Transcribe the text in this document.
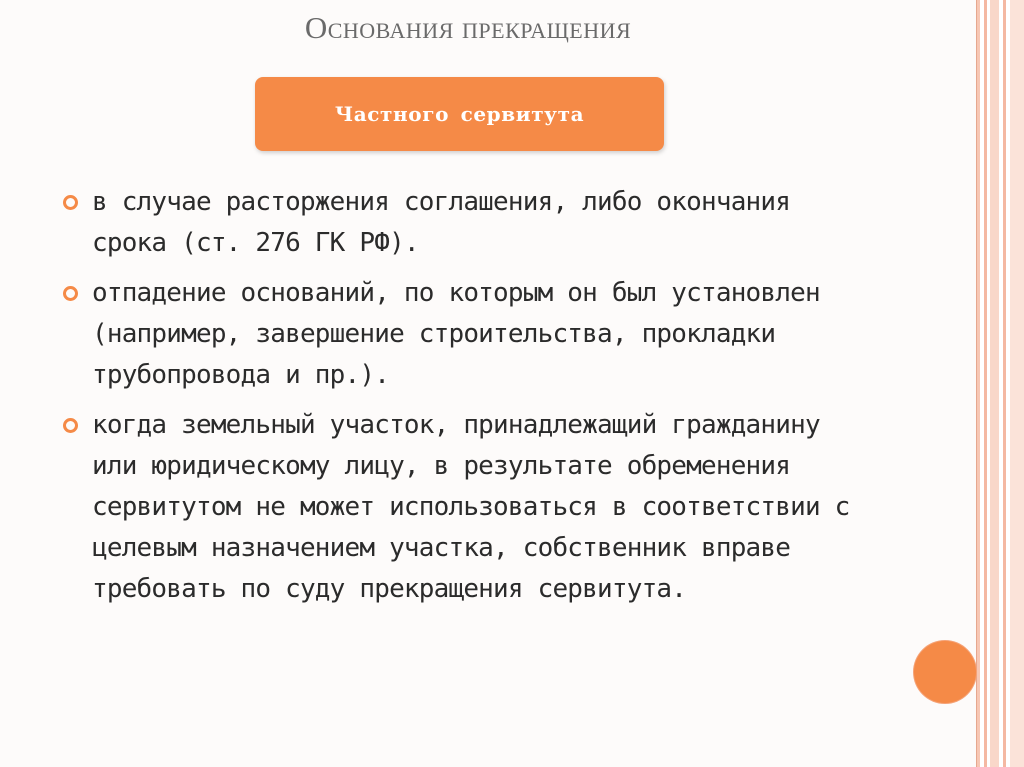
Основания прекращения
Частного сервитута
в случае расторжения соглашения, либо окончания срока (ст. 276 ГК РФ).
отпадение оснований, по которым он был установлен (например, завершение строительства, прокладки трубопровода и пр.).
когда земельный участок, принадлежащий гражданину или юридическому лицу, в результате обременения сервитутом не может использоваться в соответствии с целевым назначением участка, собственник вправе требовать по суду прекращения сервитута.
